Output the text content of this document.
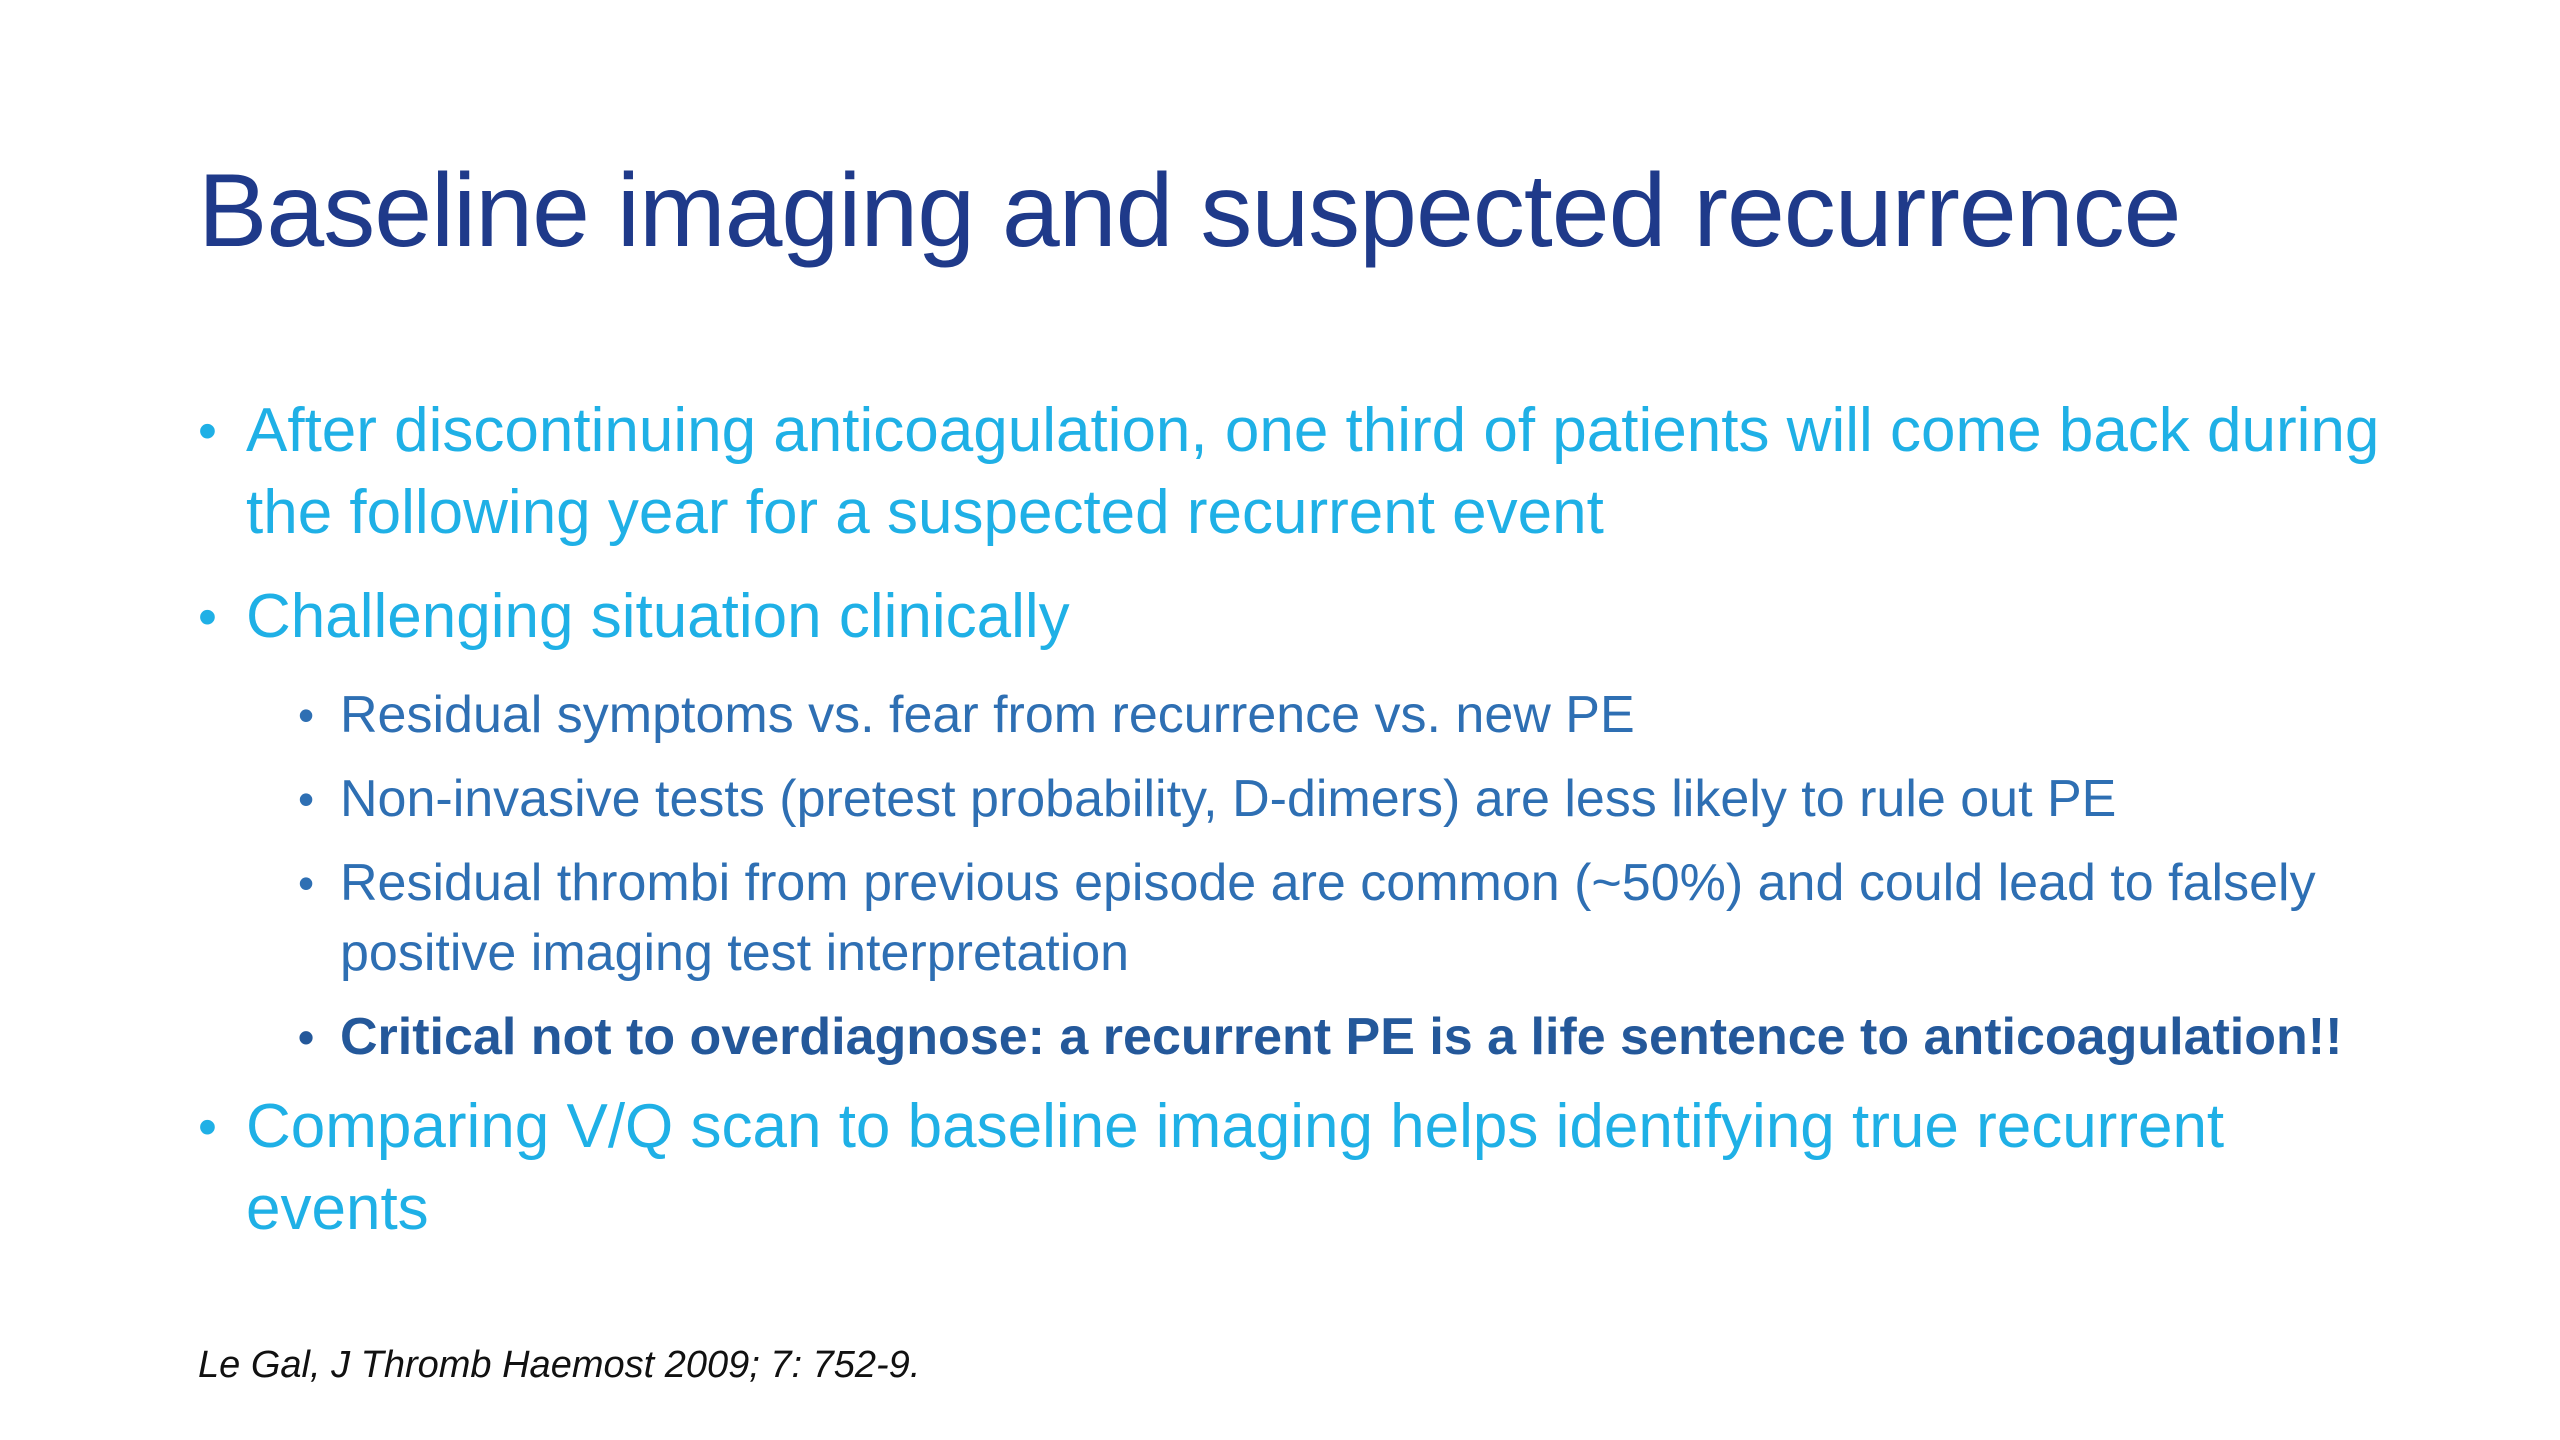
Baseline imaging and suspected recurrence
• After discontinuing anticoagulation, one third of patients will come back during the following year for a suspected recurrent event
• Challenging situation clinically
• Residual symptoms vs. fear from recurrence vs. new PE
• Non-invasive tests (pretest probability, D-dimers) are less likely to rule out PE
• Residual thrombi from previous episode are common (~50%) and could lead to falsely positive imaging test interpretation
• Critical not to overdiagnose: a recurrent PE is a life sentence to anticoagulation!!
• Comparing V/Q scan to baseline imaging helps identifying true recurrent events
Le Gal, J Thromb Haemost 2009; 7: 752-9.
